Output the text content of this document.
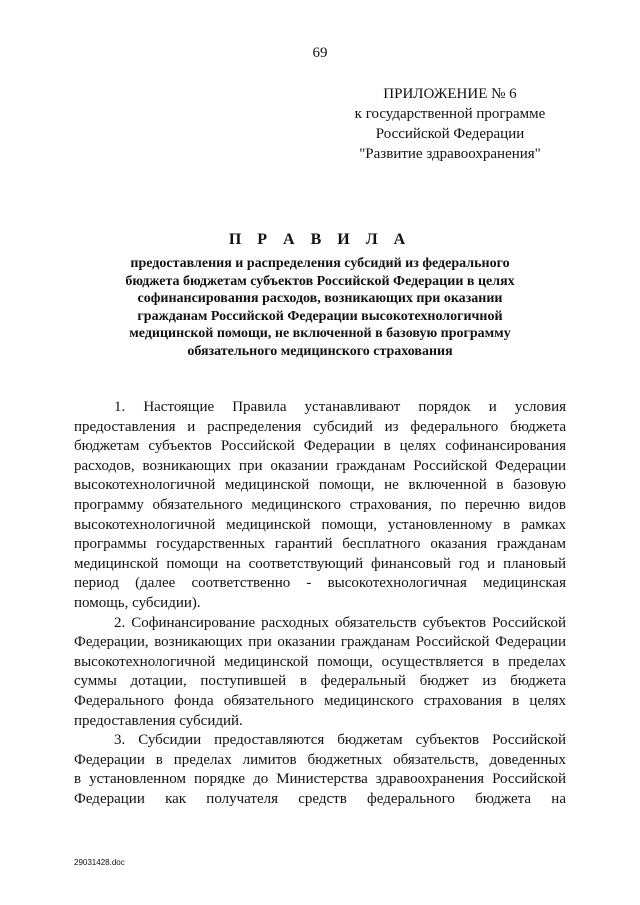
69
ПРИЛОЖЕНИЕ № 6
к государственной программе
Российской Федерации
"Развитие здравоохранения"
П Р А В И Л А
предоставления и распределения субсидий из федерального
бюджета бюджетам субъектов Российской Федерации в целях
софинансирования расходов, возникающих при оказании
гражданам Российской Федерации высокотехнологичной
медицинской помощи, не включенной в базовую программу
обязательного медицинского страхования
1. Настоящие Правила устанавливают порядок и условия
предоставления и распределения субсидий из федерального бюджета
бюджетам субъектов Российской Федерации в целях софинансирования
расходов, возникающих при оказании гражданам Российской Федерации
высокотехнологичной медицинской помощи, не включенной в базовую
программу обязательного медицинского страхования, по перечню видов
высокотехнологичной медицинской помощи, установленному в рамках
программы государственных гарантий бесплатного оказания гражданам
медицинской помощи на соответствующий финансовый год и плановый
период (далее соответственно - высокотехнологичная медицинская
помощь, субсидии).
2. Софинансирование расходных обязательств субъектов Российской
Федерации, возникающих при оказании гражданам Российской Федерации
высокотехнологичной медицинской помощи, осуществляется в пределах
суммы дотации, поступившей в федеральный бюджет из бюджета
Федерального фонда обязательного медицинского страхования в целях
предоставления субсидий.
3. Субсидии предоставляются бюджетам субъектов Российской
Федерации в пределах лимитов бюджетных обязательств, доведенных
в установленном порядке до Министерства здравоохранения Российской
Федерации как получателя средств федерального бюджета на
29031428.doc
